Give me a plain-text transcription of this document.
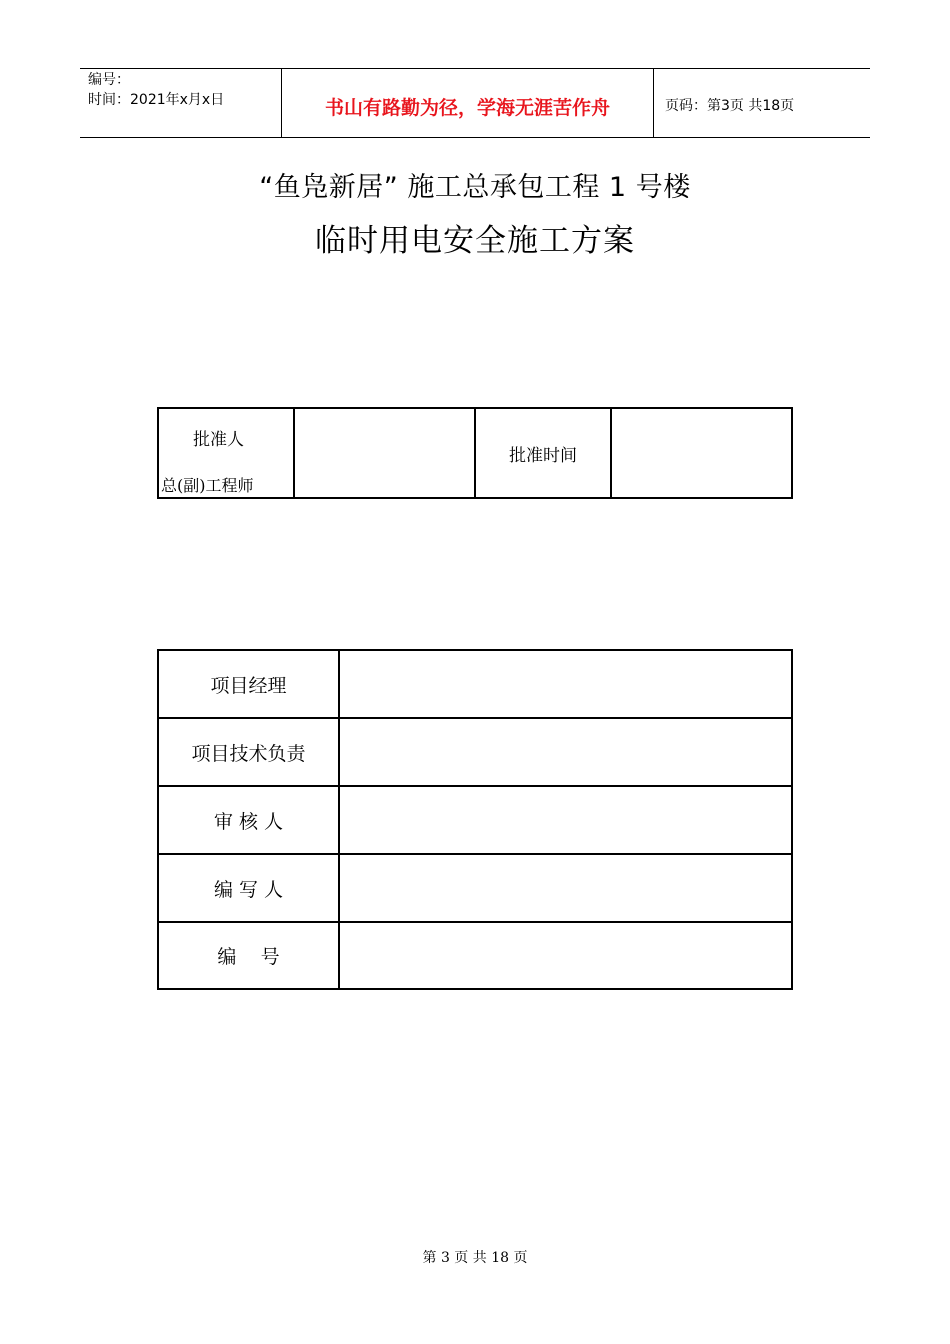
编号：
时间：2021年x月x日	书山有路勤为径，学海无涯苦作舟	页码：第3页 共18页
“鱼凫新居” 施工总承包工程 1 号楼
临时用电安全施工方案
批准人
总(副)工程师
批准时间
项目经理
项目技术负责
审 核 人
编 写 人
编    号
第 3 页 共 18 页
